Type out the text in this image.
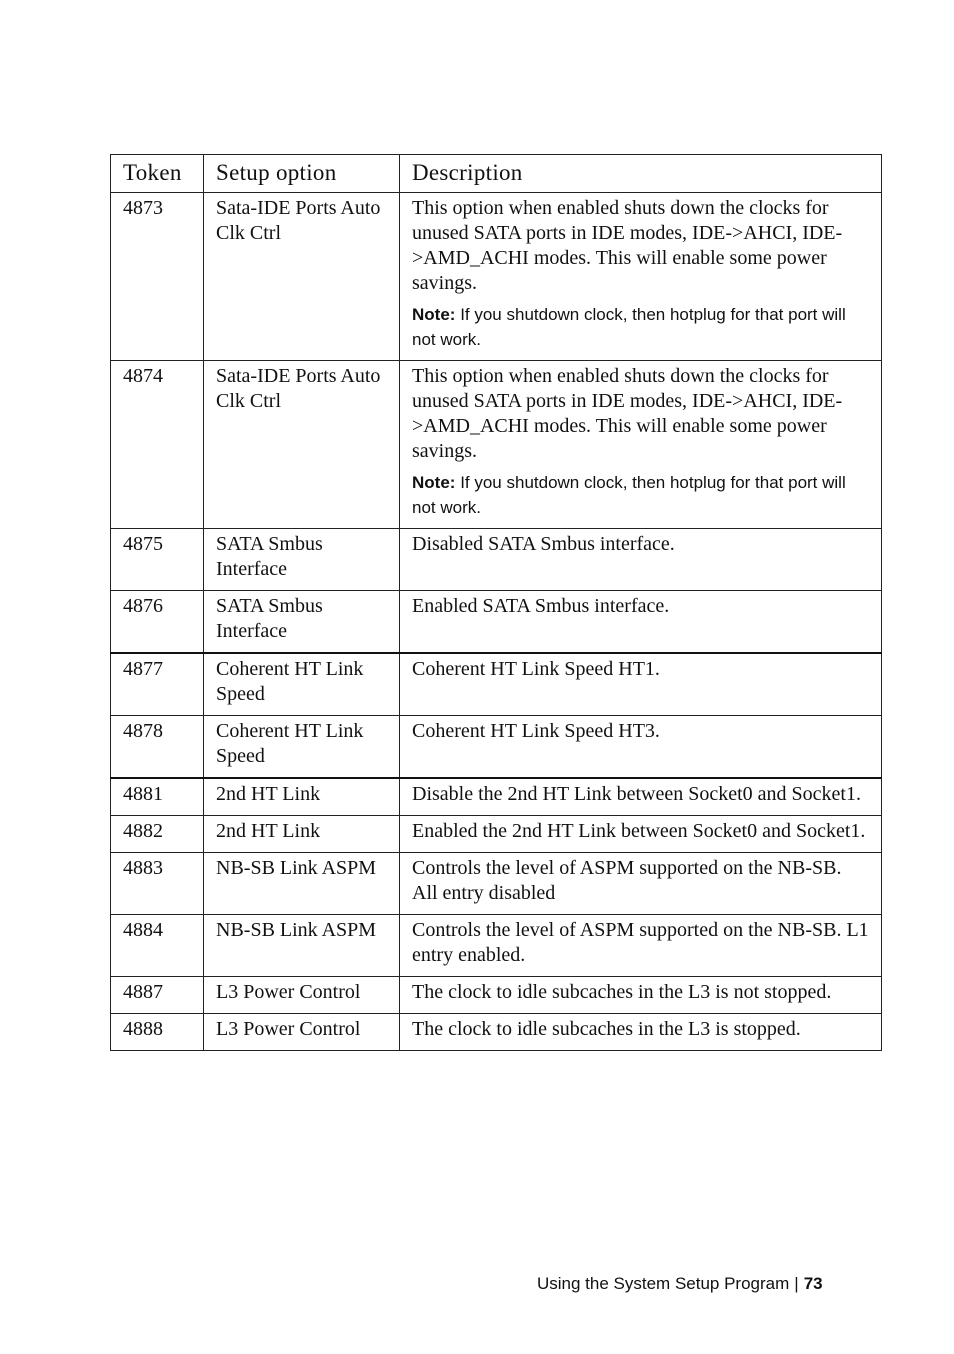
Token	Setup option	Description
4873	Sata-IDE Ports Auto Clk Ctrl	This option when enabled shuts down the clocks for unused SATA ports in IDE modes, IDE->AHCI, IDE->AMD_ACHI modes. This will enable some power savings.
Note: If you shutdown clock, then hotplug for that port will not work.

4874	Sata-IDE Ports Auto Clk Ctrl	This option when enabled shuts down the clocks for unused SATA ports in IDE modes, IDE->AHCI, IDE->AMD_ACHI modes. This will enable some power savings.
Note: If you shutdown clock, then hotplug for that port will not work.

4875	SATA Smbus Interface	Disabled SATA Smbus interface.

4876	SATA Smbus Interface	Enabled SATA Smbus interface.

4877	Coherent HT Link Speed	Coherent HT Link Speed HT1.

4878	Coherent HT Link Speed	Coherent HT Link Speed HT3.

4881	2nd HT Link	Disable the 2nd HT Link between Socket0 and Socket1.

4882	2nd HT Link	Enabled the 2nd HT Link between Socket0 and Socket1.

4883	NB-SB Link ASPM	Controls the level of ASPM supported on the NB-SB. All entry disabled

4884	NB-SB Link ASPM	Controls the level of ASPM supported on the NB-SB. L1 entry enabled.

4887	L3 Power Control	The clock to idle subcaches in the L3 is not stopped.

4888	L3 Power Control	The clock to idle subcaches in the L3 is stopped.
Using the System Setup Program | 73
